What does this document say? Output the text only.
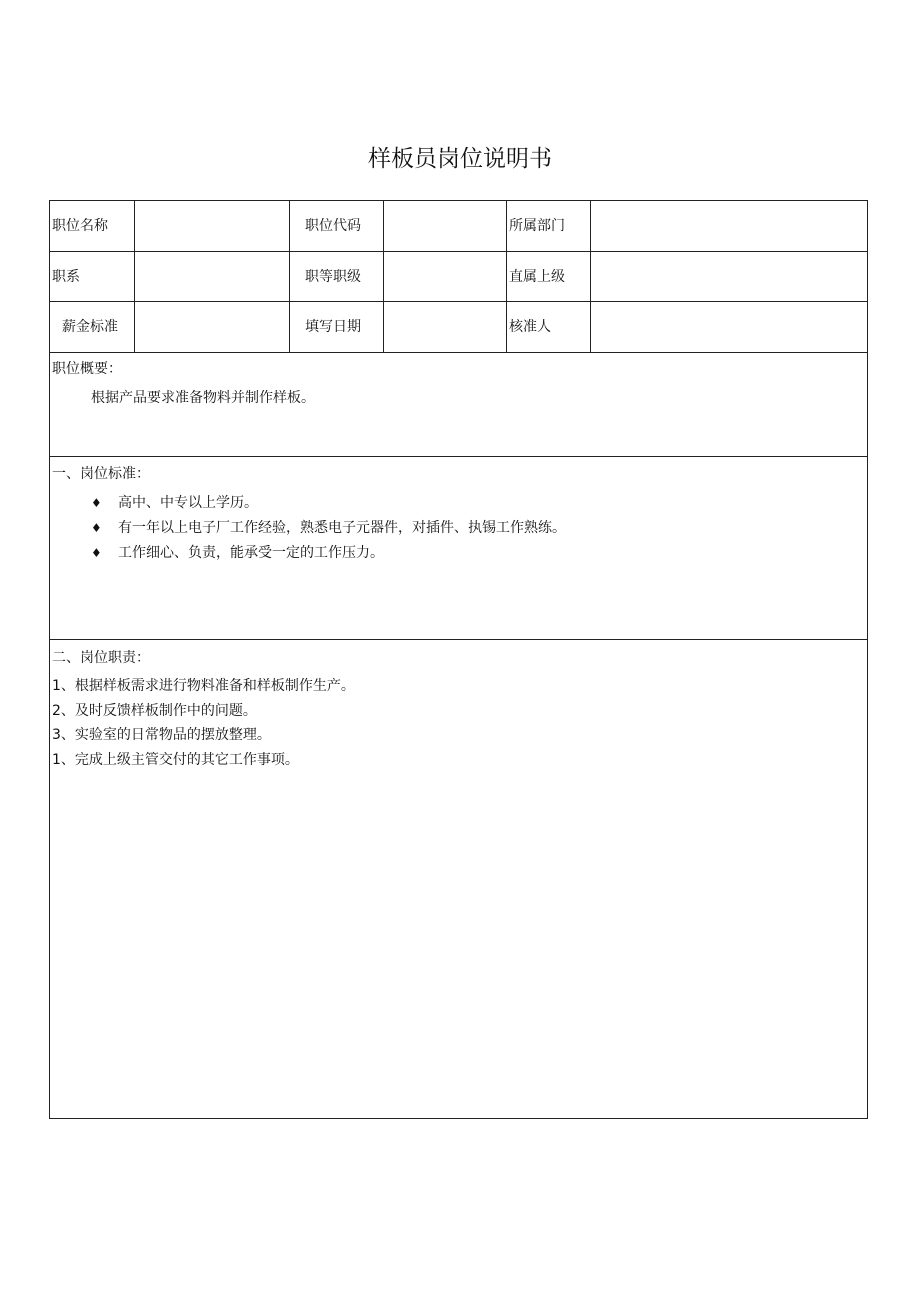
样板员岗位说明书
职位名称	职位代码	所属部门
职系	职等职级	直属上级
薪金标准	填写日期	核准人
职位概要：
根据产品要求准备物料并制作样板。
一、岗位标准：
♦ 高中、中专以上学历。
♦ 有一年以上电子厂工作经验，熟悉电子元器件，对插件、执锡工作熟练。
♦ 工作细心、负责，能承受一定的工作压力。
二、岗位职责：
1、根据样板需求进行物料准备和样板制作生产。
2、及时反馈样板制作中的问题。
3、实验室的日常物品的摆放整理。
1、完成上级主管交付的其它工作事项。
